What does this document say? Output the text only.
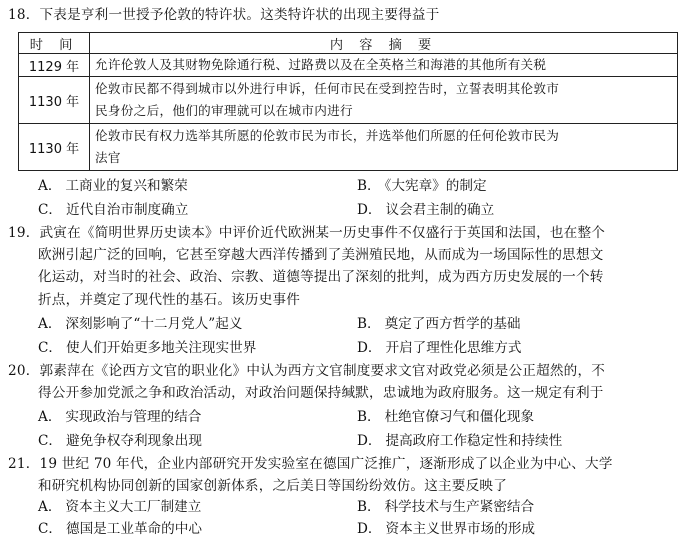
18．下表是亨利一世授予伦敦的特许状。这类特许状的出现主要得益于
时 间	内 容 摘 要
1129 年	允许伦敦人及其财物免除通行税、过路费以及在全英格兰和海港的其他所有关税
1130 年	伦敦市民都不得到城市以外进行申诉，任何市民在受到控告时，立誓表明其伦敦市
民身份之后，他们的审理就可以在城市内进行

1130 年	伦敦市民有权力选举其所愿的伦敦市民为市长，并选举他们所愿的任何伦敦市民为
法官
A． 工商业的复兴和繁荣	B． 《大宪章》的制定
C． 近代自治市制度确立	D． 议会君主制的确立
19．武寅在《简明世界历史读本》中评价近代欧洲某一历史事件不仅盛行于英国和法国，也在整个
欧洲引起广泛的回响，它甚至穿越大西洋传播到了美洲殖民地，从而成为一场国际性的思想文
化运动，对当时的社会、政治、宗教、道德等提出了深刻的批判，成为西方历史发展的一个转
折点，并奠定了现代性的基石。该历史事件
A． 深刻影响了“十二月党人”起义	B． 奠定了西方哲学的基础
C． 使人们开始更多地关注现实世界	D． 开启了理性化思维方式
20．郭素萍在《论西方文官的职业化》中认为西方文官制度要求文官对政党必须是公正超然的，不
得公开参加党派之争和政治活动，对政治问题保持缄默，忠诚地为政府服务。这一规定有利于
A． 实现政治与管理的结合	B． 杜绝官僚习气和僵化现象
C． 避免争权夺利现象出现	D． 提高政府工作稳定性和持续性
21．19 世纪 70 年代，企业内部研究开发实验室在德国广泛推广，逐渐形成了以企业为中心、大学
和研究机构协同创新的国家创新体系，之后美日等国纷纷效仿。这主要反映了
A． 资本主义大工厂制建立	B． 科学技术与生产紧密结合
C． 德国是工业革命的中心	D． 资本主义世界市场的形成
